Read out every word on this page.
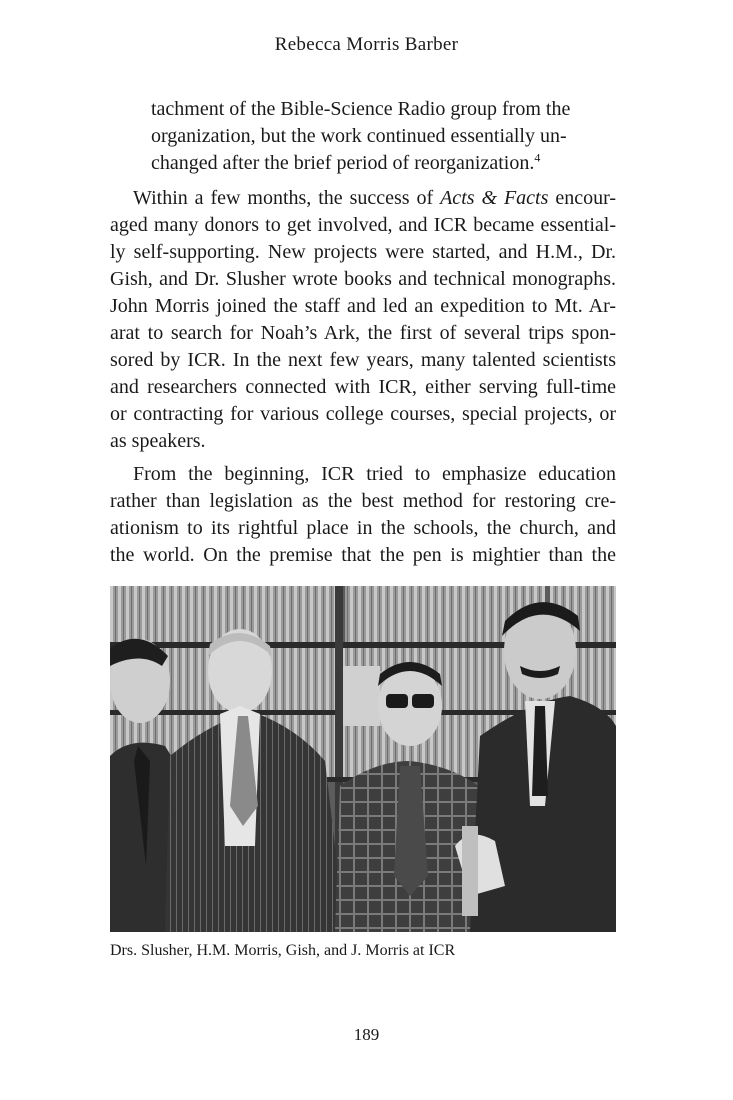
Rebecca Morris Barber
tachment of the Bible-Science Radio group from the
organization, but the work continued essentially un-
changed after the brief period of reorganization.$^4$
Within a few months, the success of Acts & Facts encour-
aged many donors to get involved, and ICR became essential-
ly self-supporting. New projects were started, and H.M., Dr.
Gish, and Dr. Slusher wrote books and technical monographs.
John Morris joined the staff and led an expedition to Mt. Ar-
arat to search for Noah’s Ark, the first of several trips spon-
sored by ICR. In the next few years, many talented scientists
and researchers connected with ICR, either serving full-time
or contracting for various college courses, special projects, or
as speakers.
From the beginning, ICR tried to emphasize education
rather than legislation as the best method for restoring cre-
ationism to its rightful place in the schools, the church, and
the world. On the premise that the pen is mightier than the
Drs. Slusher, H.M. Morris, Gish, and J. Morris at ICR
189
